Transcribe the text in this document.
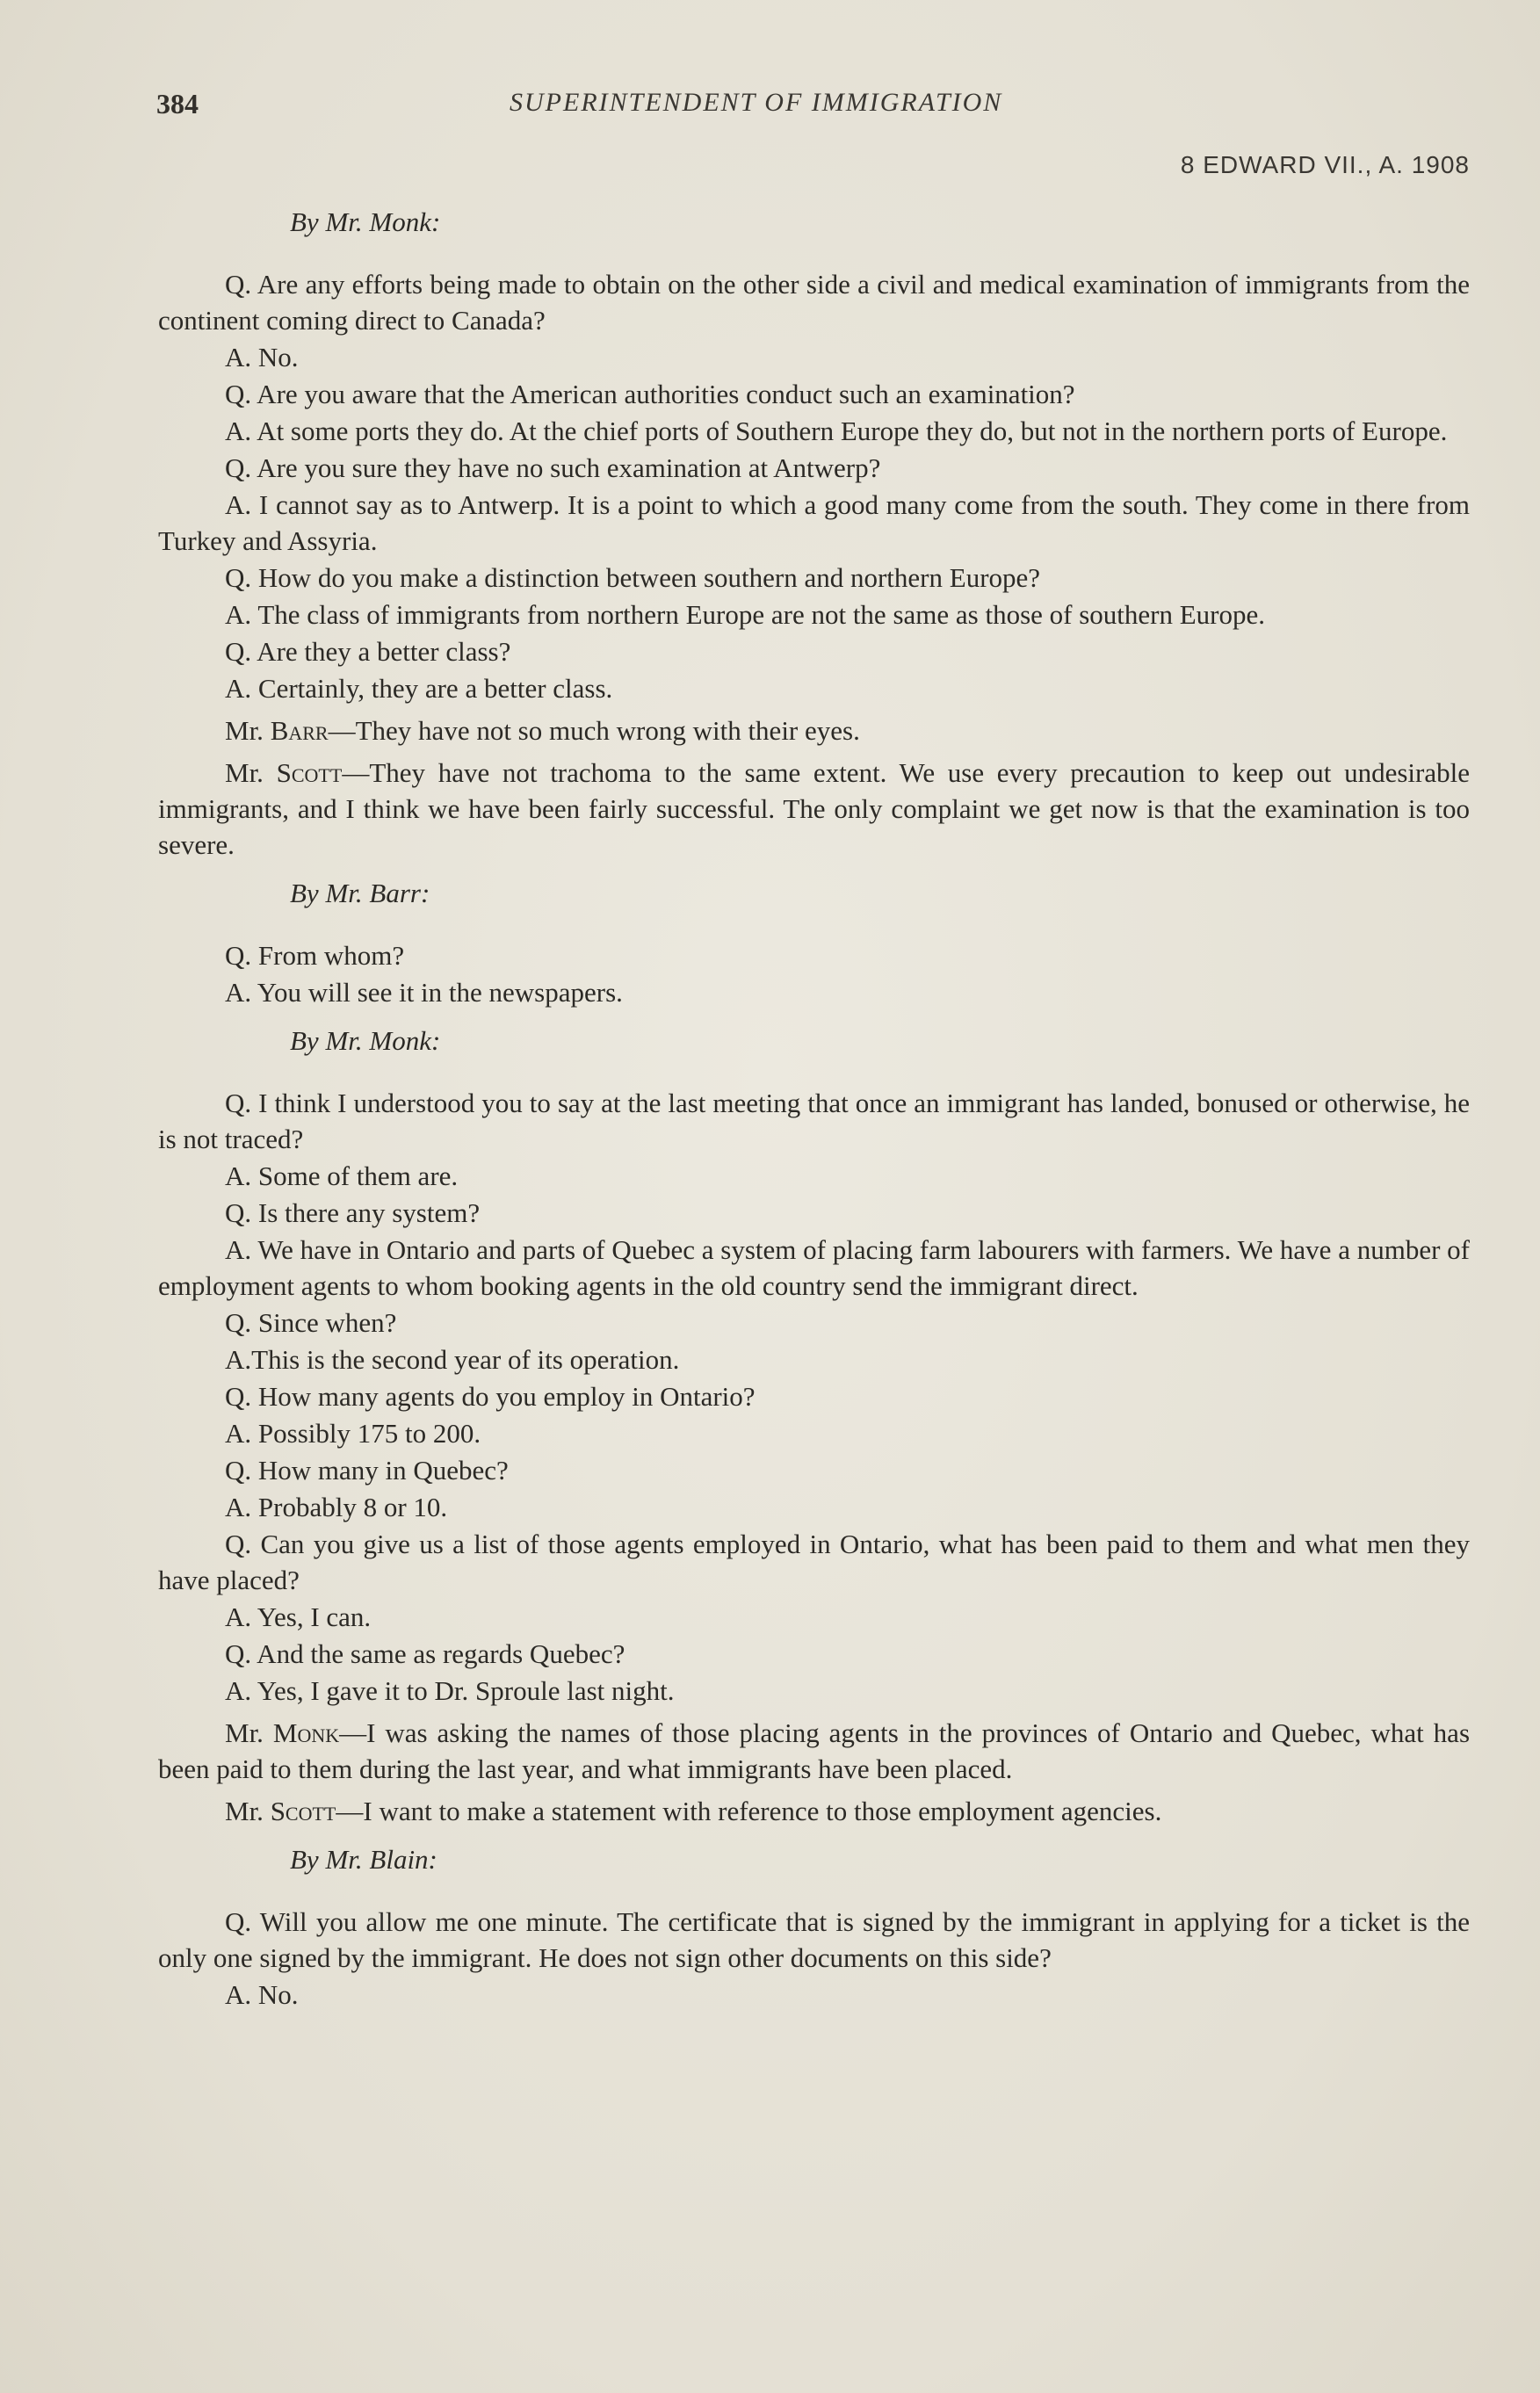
384	SUPERINTENDENT OF IMMIGRATION
8 EDWARD VII., A. 1908

By Mr. Monk:

Q. Are any efforts being made to obtain on the other side a civil and medical examination of immigrants from the continent coming direct to Canada?

A. No.

Q. Are you aware that the American authorities conduct such an examination?

A. At some ports they do. At the chief ports of Southern Europe they do, but not in the northern ports of Europe.

Q. Are you sure they have no such examination at Antwerp?

A. I cannot say as to Antwerp. It is a point to which a good many come from the south. They come in there from Turkey and Assyria.

Q. How do you make a distinction between southern and northern Europe?

A. The class of immigrants from northern Europe are not the same as those of southern Europe.

Q. Are they a better class?

A. Certainly, they are a better class.

Mr. Barr—They have not so much wrong with their eyes.

Mr. Scott—They have not trachoma to the same extent. We use every precaution to keep out undesirable immigrants, and I think we have been fairly successful. The only complaint we get now is that the examination is too severe.

By Mr. Barr:

Q. From whom?

A. You will see it in the newspapers.

By Mr. Monk:

Q. I think I understood you to say at the last meeting that once an immigrant has landed, bonused or otherwise, he is not traced?

A. Some of them are.

Q. Is there any system?

A. We have in Ontario and parts of Quebec a system of placing farm labourers with farmers. We have a number of employment agents to whom booking agents in the old country send the immigrant direct.

Q. Since when?

A.This is the second year of its operation.

Q. How many agents do you employ in Ontario?

A. Possibly 175 to 200.

Q. How many in Quebec?

A. Probably 8 or 10.

Q. Can you give us a list of those agents employed in Ontario, what has been paid to them and what men they have placed?

A. Yes, I can.

Q. And the same as regards Quebec?

A. Yes, I gave it to Dr. Sproule last night.

Mr. Monk—I was asking the names of those placing agents in the provinces of Ontario and Quebec, what has been paid to them during the last year, and what immigrants have been placed.

Mr. Scott—I want to make a statement with reference to those employment agencies.

By Mr. Blain:

Q. Will you allow me one minute. The certificate that is signed by the immigrant in applying for a ticket is the only one signed by the immigrant. He does not sign other documents on this side?

A. No.
